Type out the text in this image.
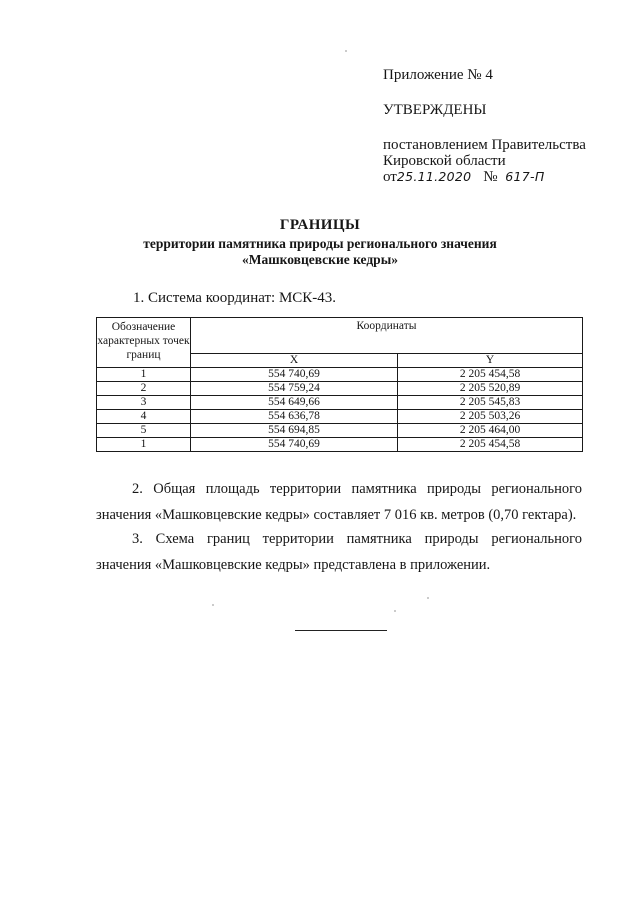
Приложение № 4
УТВЕРЖДЕНЫ
постановлением Правительства
Кировской области
от25.11.2020 № 617-П
ГРАНИЦЫ
территории памятника природы регионального значения
«Машковцевские кедры»
1. Система координат: МСК-43.
Обозначение характерных точек границ	Координаты	
	X	Y
1	554 740,69	2 205 454,58
2	554 759,24	2 205 520,89
3	554 649,66	2 205 545,83
4	554 636,78	2 205 503,26
5	554 694,85	2 205 464,00
1	554 740,69	2 205 454,58
2. Общая площадь территории памятника природы регионального значения «Машковцевские кедры» составляет 7 016 кв. метров (0,70 гектара).
3. Схема границ территории памятника природы регионального значения «Машковцевские кедры» представлена в приложении.
